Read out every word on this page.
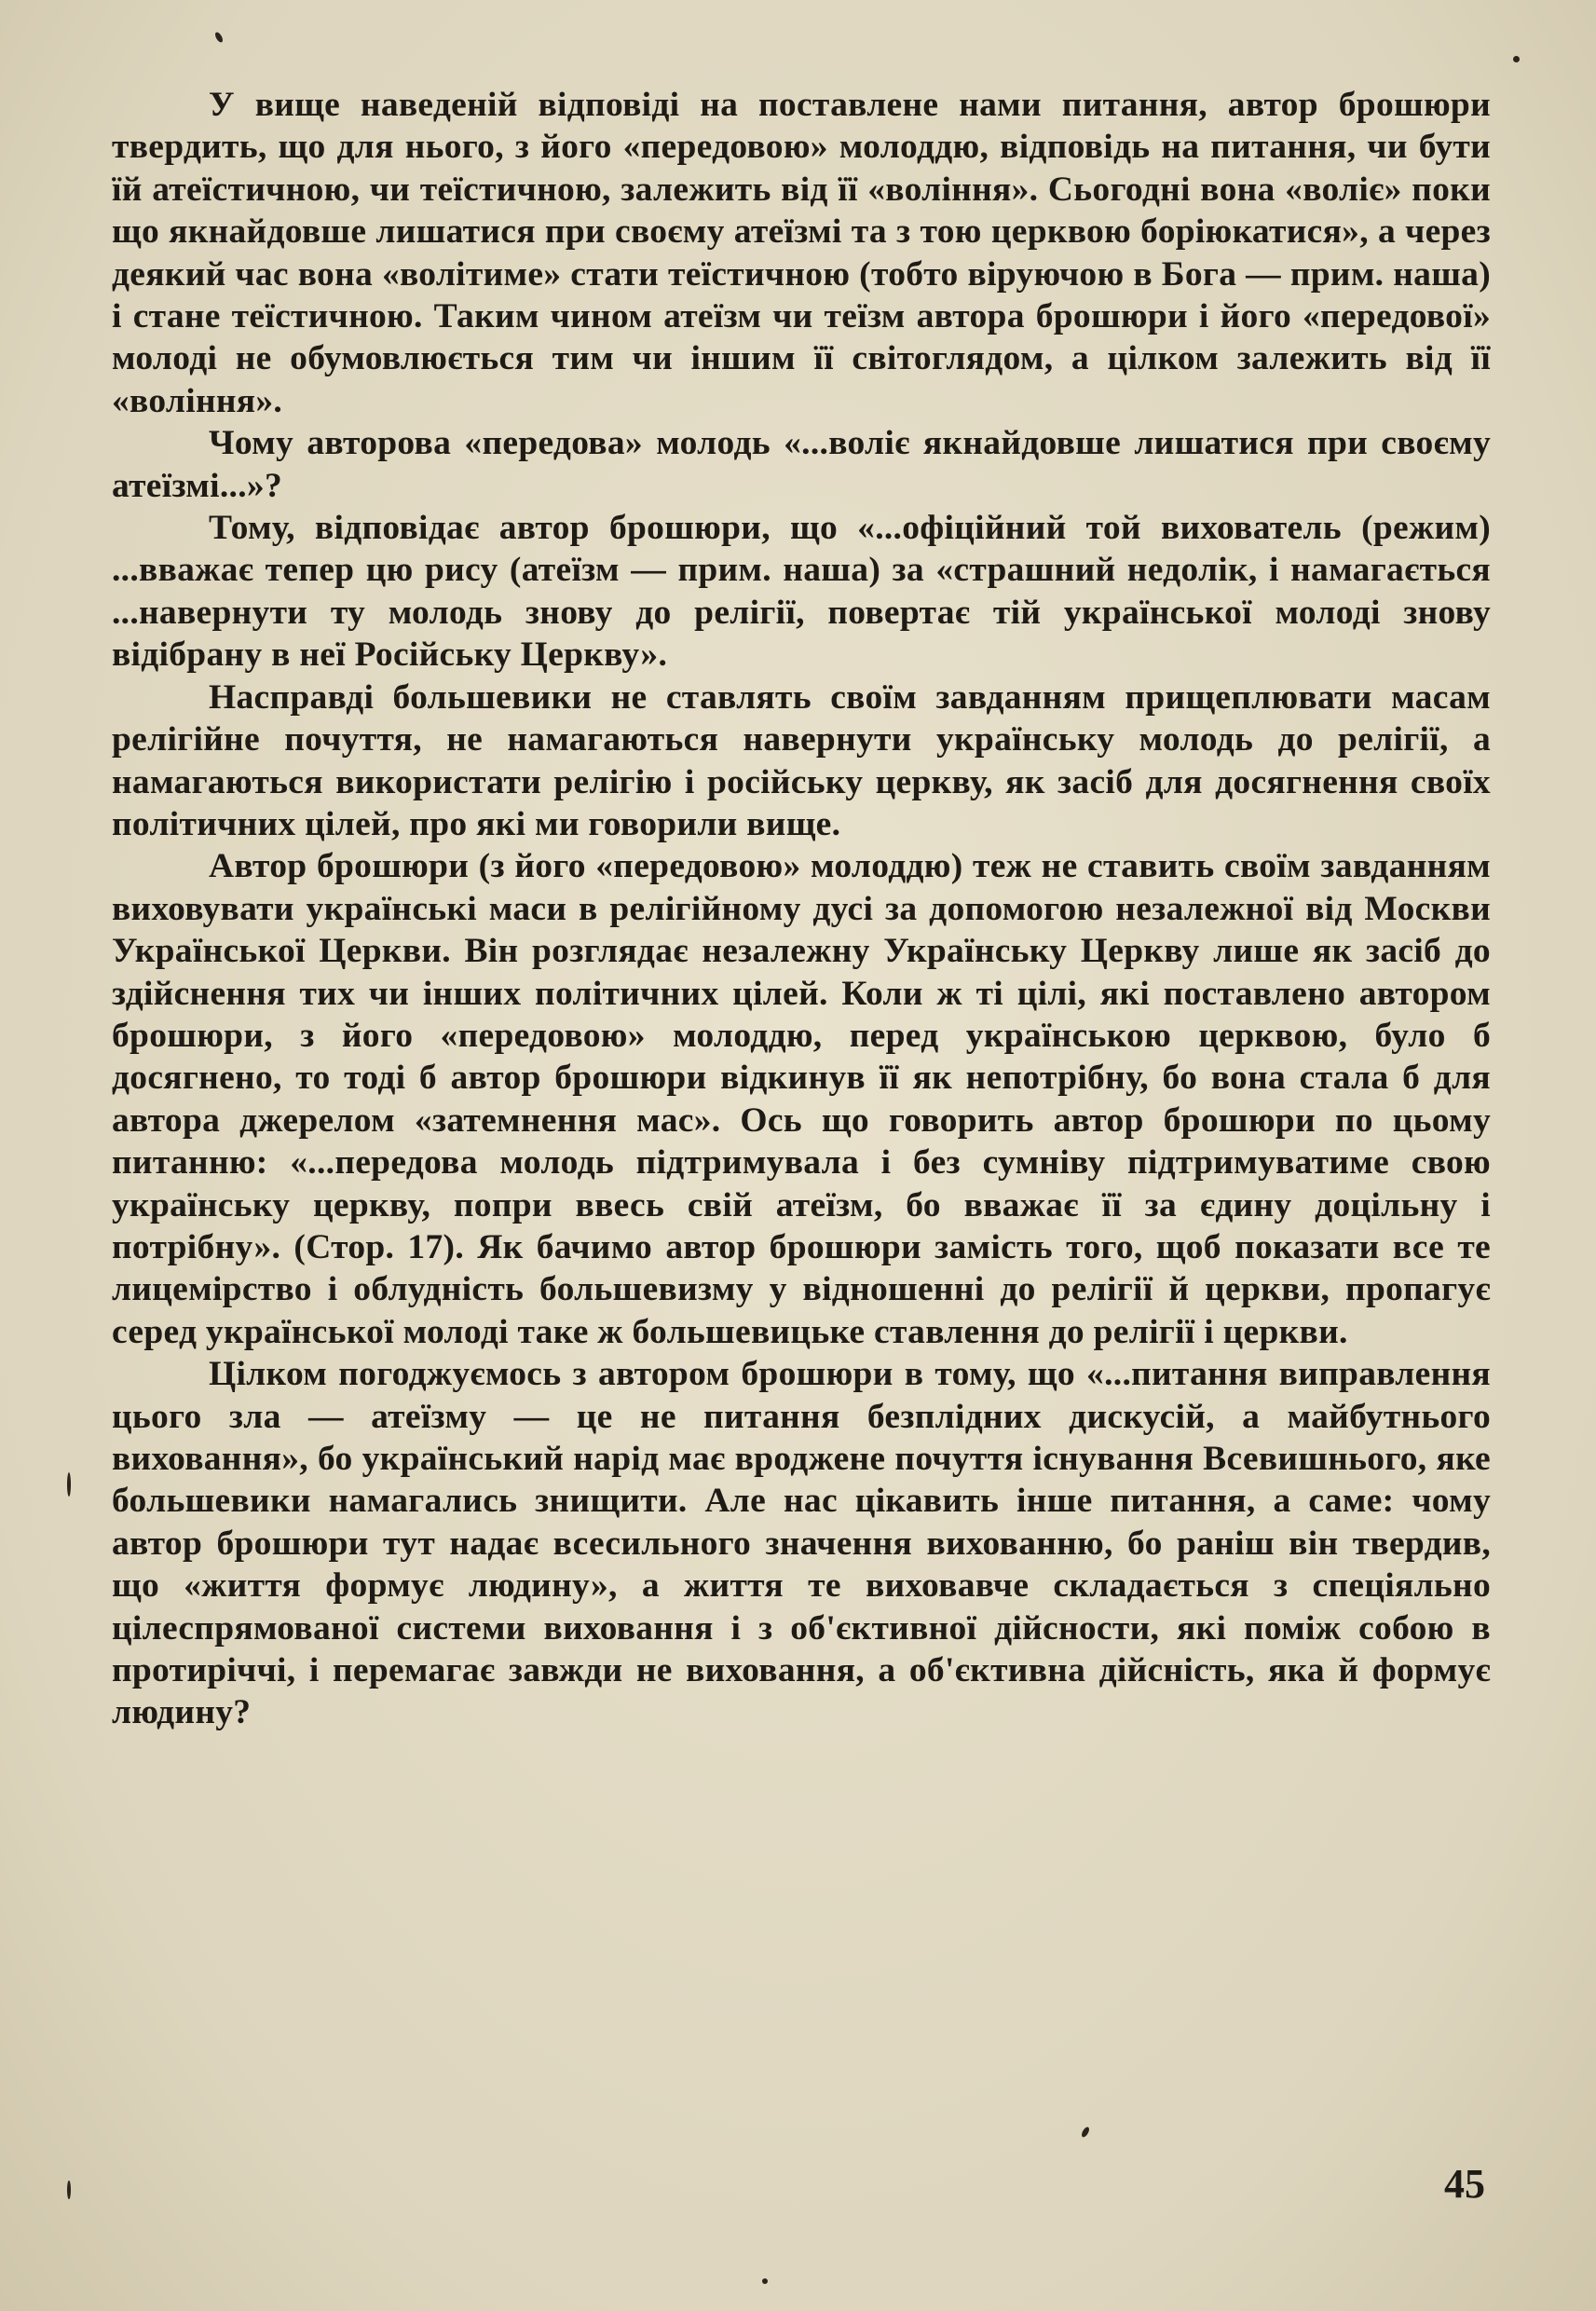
У вище наведеній відповіді на поставлене нами питання, автор брошюри твердить, що для нього, з його «передовою» молоддю, відповідь на питання, чи бути їй атеїстичною, чи теїстичною, залежить від її «воління». Сьогодні вона «воліє» поки що якнайдовше лишатися при своєму атеїзмі та з тою церквою боріюкатися», а через деякий час вона «волітиме» стати теїстичною (тобто віруючою в Бога — прим. наша) і стане теїстичною. Таким чином атеїзм чи теїзм автора брошюри і його «передової» молоді не обумовлюється тим чи іншим її світоглядом, а цілком залежить від її «воління».

Чому авторова «передова» молодь «...воліє якнайдовше лишатися при своєму атеїзмі...»?

Тому, відповідає автор брошюри, що «...офіційний той вихователь (режим) ...вважає тепер цю рису (атеїзм — прим. наша) за «страшний недолік, і намагається ...навернути ту молодь знову до релігії, повертає тій української молоді знову відібрану в неї Російську Церкву».

Насправді большевики не ставлять своїм завданням прищеплювати масам релігійне почуття, не намагаються навернути українську молодь до релігії, а намагаються використати релігію і російську церкву, як засіб для досягнення своїх політичних цілей, про які ми говорили вище.

Автор брошюри (з його «передовою» молоддю) теж не ставить своїм завданням виховувати українські маси в релігійному дусі за допомогою незалежної від Москви Української Церкви. Він розглядає незалежну Українську Церкву лише як засіб до здійснення тих чи інших політичних цілей. Коли ж ті цілі, які поставлено автором брошюри, з його «передовою» молоддю, перед українською церквою, було б досягнено, то тоді б автор брошюри відкинув її як непотрібну, бо вона стала б для автора джерелом «затемнення мас». Ось що говорить автор брошюри по цьому питанню: «...передова молодь підтримувала і без сумніву підтримуватиме свою українську церкву, попри ввесь свій атеїзм, бо вважає її за єдину доцільну і потрібну». (Стор. 17). Як бачимо автор брошюри замість того, щоб показати все те лицемірство і облудність большевизму у відношенні до релігії й церкви, пропагує серед української молоді таке ж большевицьке ставлення до релігії і церкви.

Цілком погоджуємось з автором брошюри в тому, що «...питання виправлення цього зла — атеїзму — це не питання безплідних дискусій, а майбутнього виховання», бо український нарід має вроджене почуття існування Всевишнього, яке большевики намагались знищити. Але нас цікавить інше питання, а саме: чому автор брошюри тут надає всесильного значення вихованню, бо раніш він твердив, що «життя формує людину», а життя те виховавче складається з спеціяльно цілеспрямованої системи виховання і з об'єктивної дійсности, які поміж собою в протиріччі, і перемагає завжди не виховання, а об'єктивна дійсність, яка й формує людину?

45
